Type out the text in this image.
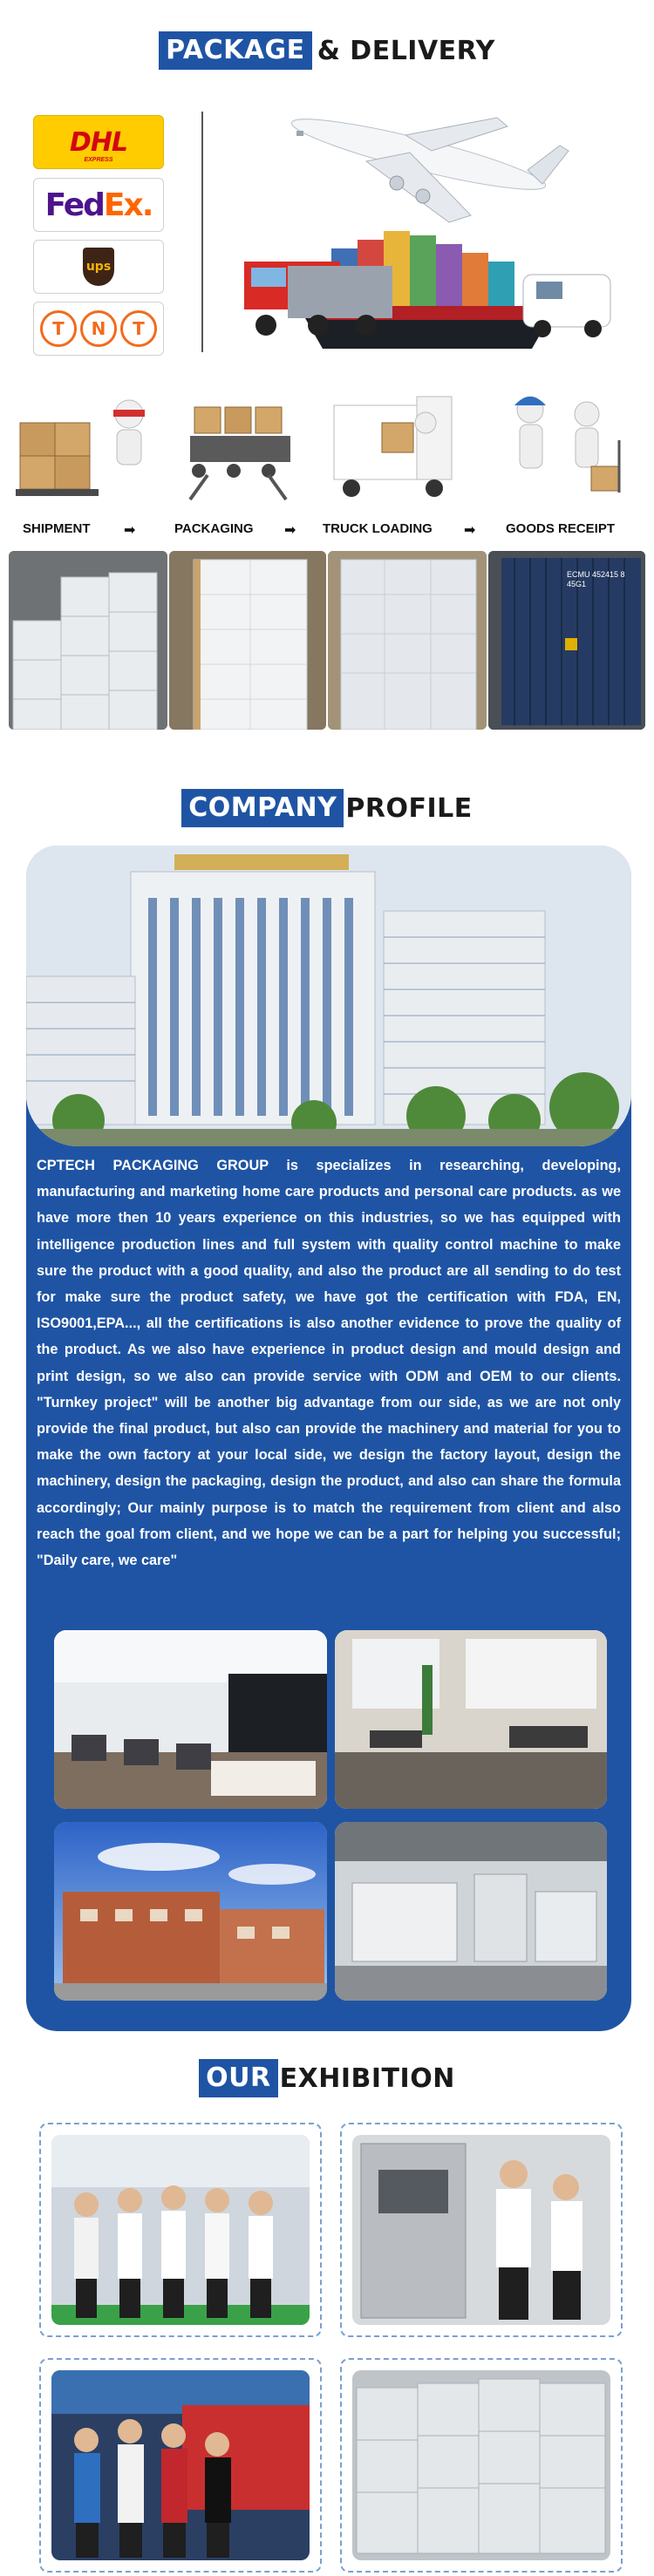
PACKAGE & DELIVERY
DHL
EXPRESS
FedEx.
ups
T	N	T
SHIPMENT ➡	PACKAGING ➡ TRUCK LOADING ➡ GOODS RECEIPT
ECMU 452415 8 45G1
COMPANY PROFILE
CPTECH PACKAGING GROUP is specializes in researching, developing, manufacturing and marketing home care products and personal care products. as we have more then 10 years experience on this industries, so we has equipped with intelligence production lines and full system with quality control machine to make sure the product with a good quality, and also the product are all sending to do test for make sure the product safety, we have got the certification with FDA, EN, ISO9001,EPA..., all the certifications is also another evidence to prove the quality of the product. As we also have experience in product design and mould design and print design, so we also can provide service with ODM and OEM to our clients. "Turnkey project" will be another big advantage from our side, as we are not only provide the final product, but also can provide the machinery and material for you to make the own factory at your local side, we design the factory layout, design the machinery, design the packaging, design the product, and also can share the formula accordingly; Our mainly purpose is to match the requirement from client and also reach the goal from client, and we hope we can be a part for helping you successful; "Daily care, we care"
OUR EXHIBITION
